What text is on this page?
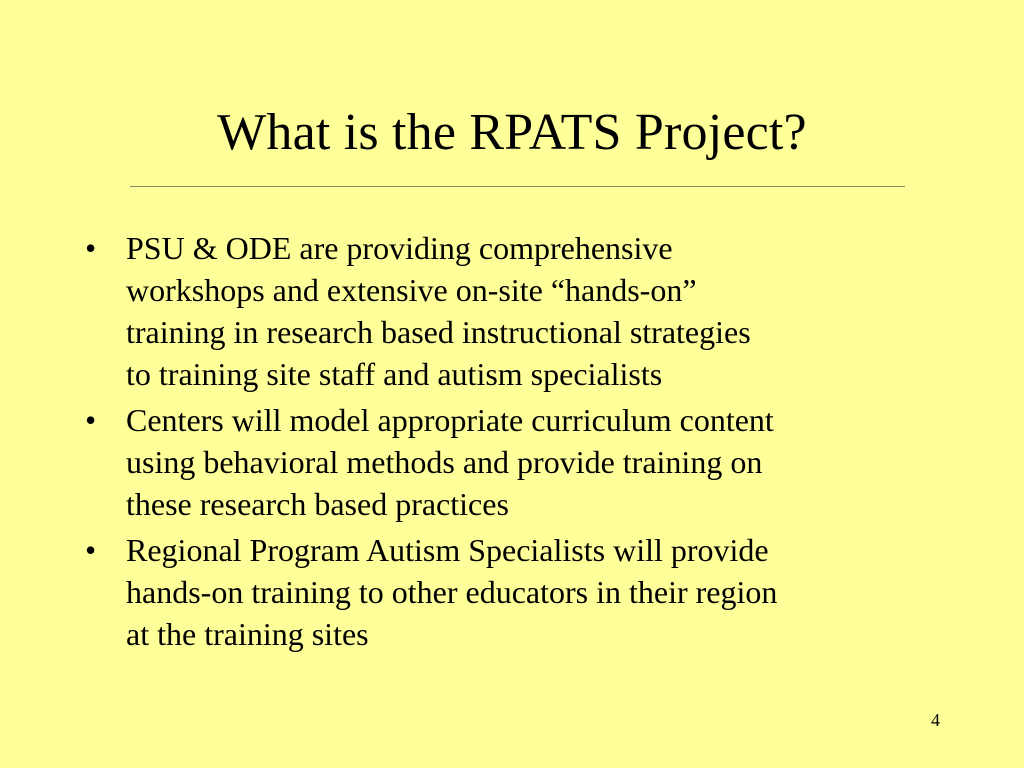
What is the RPATS Project?
• PSU & ODE are providing comprehensive
workshops and extensive on-site “hands-on”
training in research based instructional strategies
to training site staff and autism specialists
• Centers will model appropriate curriculum content
using behavioral methods and provide training on
these research based practices
• Regional Program Autism Specialists will provide
hands-on training to other educators in their region
at the training sites
4
